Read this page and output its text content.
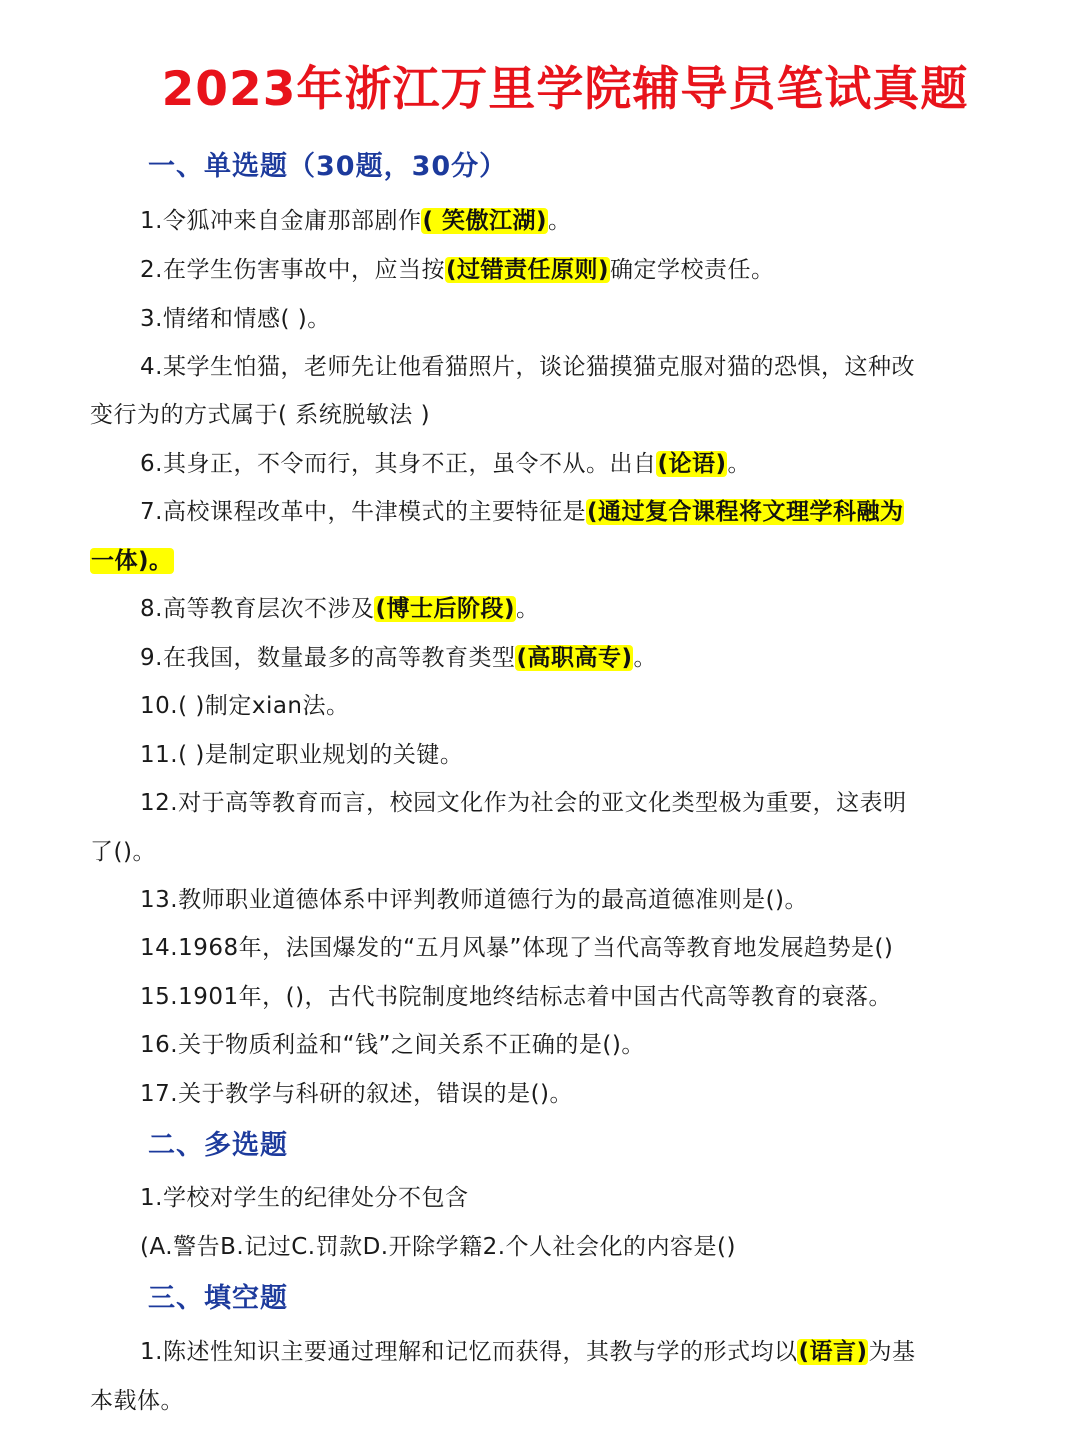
2023年浙江万里学院辅导员笔试真题
一、单选题（30题，30分）
1.令狐冲来自金庸那部剧作( 笑傲江湖)。
2.在学生伤害事故中，应当按(过错责任原则)确定学校责任。
3.情绪和情感( )。
4.某学生怕猫，老师先让他看猫照片，谈论猫摸猫克服对猫的恐惧，这种改
变行为的方式属于( 系统脱敏法 )
6.其身正，不令而行，其身不正，虽令不从。出自(论语)。
7.高校课程改革中，牛津模式的主要特征是(通过复合课程将文理学科融为
一体)。
8.高等教育层次不涉及(博士后阶段)。
9.在我国，数量最多的高等教育类型(高职高专)。
10.( )制定xian法。
11.( )是制定职业规划的关键。
12.对于高等教育而言，校园文化作为社会的亚文化类型极为重要，这表明
了()。
13.教师职业道德体系中评判教师道德行为的最高道德准则是()。
14.1968年，法国爆发的“五月风暴”体现了当代高等教育地发展趋势是()
15.1901年，()，古代书院制度地终结标志着中国古代高等教育的衰落。
16.关于物质利益和“钱”之间关系不正确的是()。
17.关于教学与科研的叙述，错误的是()。
二、多选题
1.学校对学生的纪律处分不包含
(A.警告B.记过C.罚款D.开除学籍2.个人社会化的内容是()
三、填空题
1.陈述性知识主要通过理解和记忆而获得，其教与学的形式均以(语言)为基
本载体。
